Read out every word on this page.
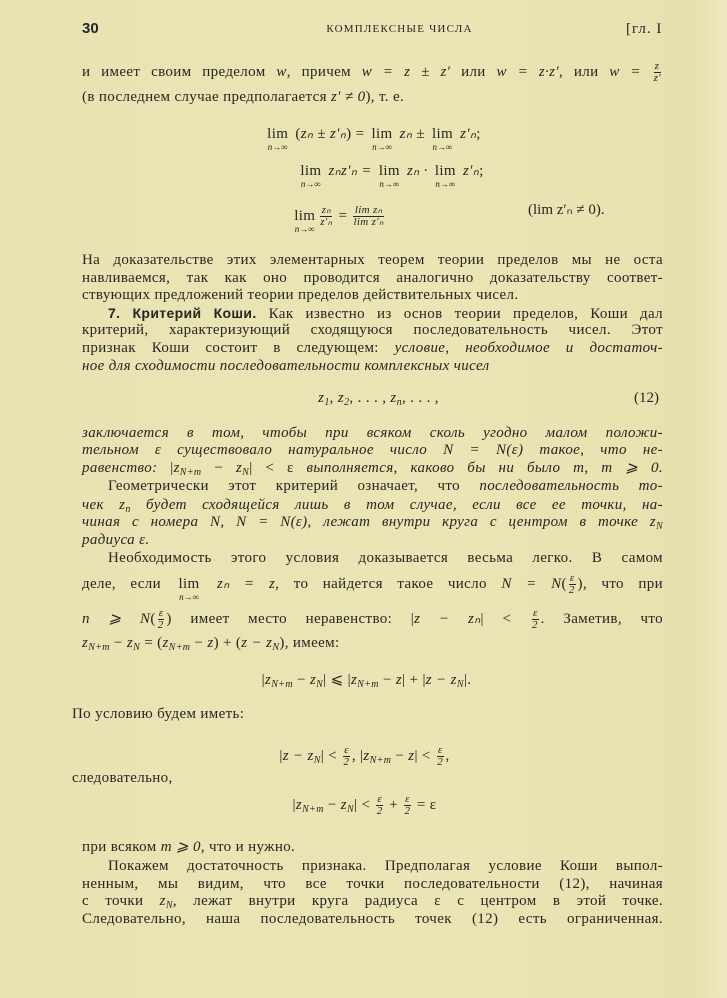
30	КОМПЛЕКСНЫЕ ЧИСЛА	[гл. I
и имеет своим пределом w, причем w = z ± z′ или w = z·z′, или $w = \frac{z}{z'}$
(в последнем случае предполагается z′ ≠ 0), т. е.
lim
n→∞
(zₙ ± z′ₙ) = lim
n→∞
zₙ ± lim
n→∞
z′ₙ;
lim
n→∞
zₙz′ₙ = lim
n→∞
zₙ · lim
n→∞
z′ₙ;
lim
n→∞
$\frac{\text{zₙ}}{\text{z′ₙ}} = \frac{\text{lim zₙ}}{\text{lim z′ₙ}}$
На доказательстве этих элементарных теорем теории пределов мы не оста
навливаемся, так как оно проводится аналогично доказательству соответ-
ствующих предложений теории пределов действительных чисел.
7. Критерий Коши. Как известно из основ теории пределов, Коши дал
критерий, характеризующий сходящуюся последовательность чисел. Этот
признак Коши состоит в следующем: условие, необходимое и достаточ-
ное для сходимости последовательности комплексных чисел
$z_1$, $z_2$, . . . , $z_n$, . . . ,
заключается в том, чтобы при всяком сколь угодно малом положи-
тельном ε существовало натуральное число N = N(ε) такое, что не-
равенство: $|z_{N+m} - z_N| < \varepsilon$ выполняется, каково бы ни было m, m ⩾ 0.
Геометрически этот критерий означает, что последовательность то-
чек $z_n$ будет сходящейся лишь в том случае, если все ее точки, на-
чиная с номера N, N = N(ε), лежат внутри круга с центром в точке $z_N$
радиуса ε.
Необходимость этого условия доказывается весьма легко. В самом
деле, если lim
n→∞
zₙ = z, то найдется такое число $N = N( \frac{\varepsilon}{2}$ ), что при
n ⩾ $N( \frac{\varepsilon}{2}$ ) имеет место неравенство: $|z - z_n| < \frac{\varepsilon}{2}$ . Заметив, что
$z_{N+m} - z_N = (z_{N+m} - z) + (z - z_N)$, имеем:
$|z_{N+m} - z_N|$ ⩽ $|z_{N+m} - z| + |z - z_N|$.
По условию будем иметь:
$|z - z_N| < \frac{\varepsilon}{2}$ , $|z_{N+m} - z| < \frac{\varepsilon}{2}$ ,
следовательно,
$|z_{N+m} - z_N| < \frac{\varepsilon}{2} + \frac{\varepsilon}{2} = \varepsilon$
при всяком m ⩾ 0, что и нужно.
Покажем достаточность признака. Предполагая условие Коши выпол-
ненным, мы видим, что все точки последовательности (12), начиная
с точки $z_N$, лежат внутри круга радиуса ε с центром в этой точке.
Следовательно, наша последовательность точек (12) есть ограниченная.
(lim z′ₙ ≠ 0).
(12)
